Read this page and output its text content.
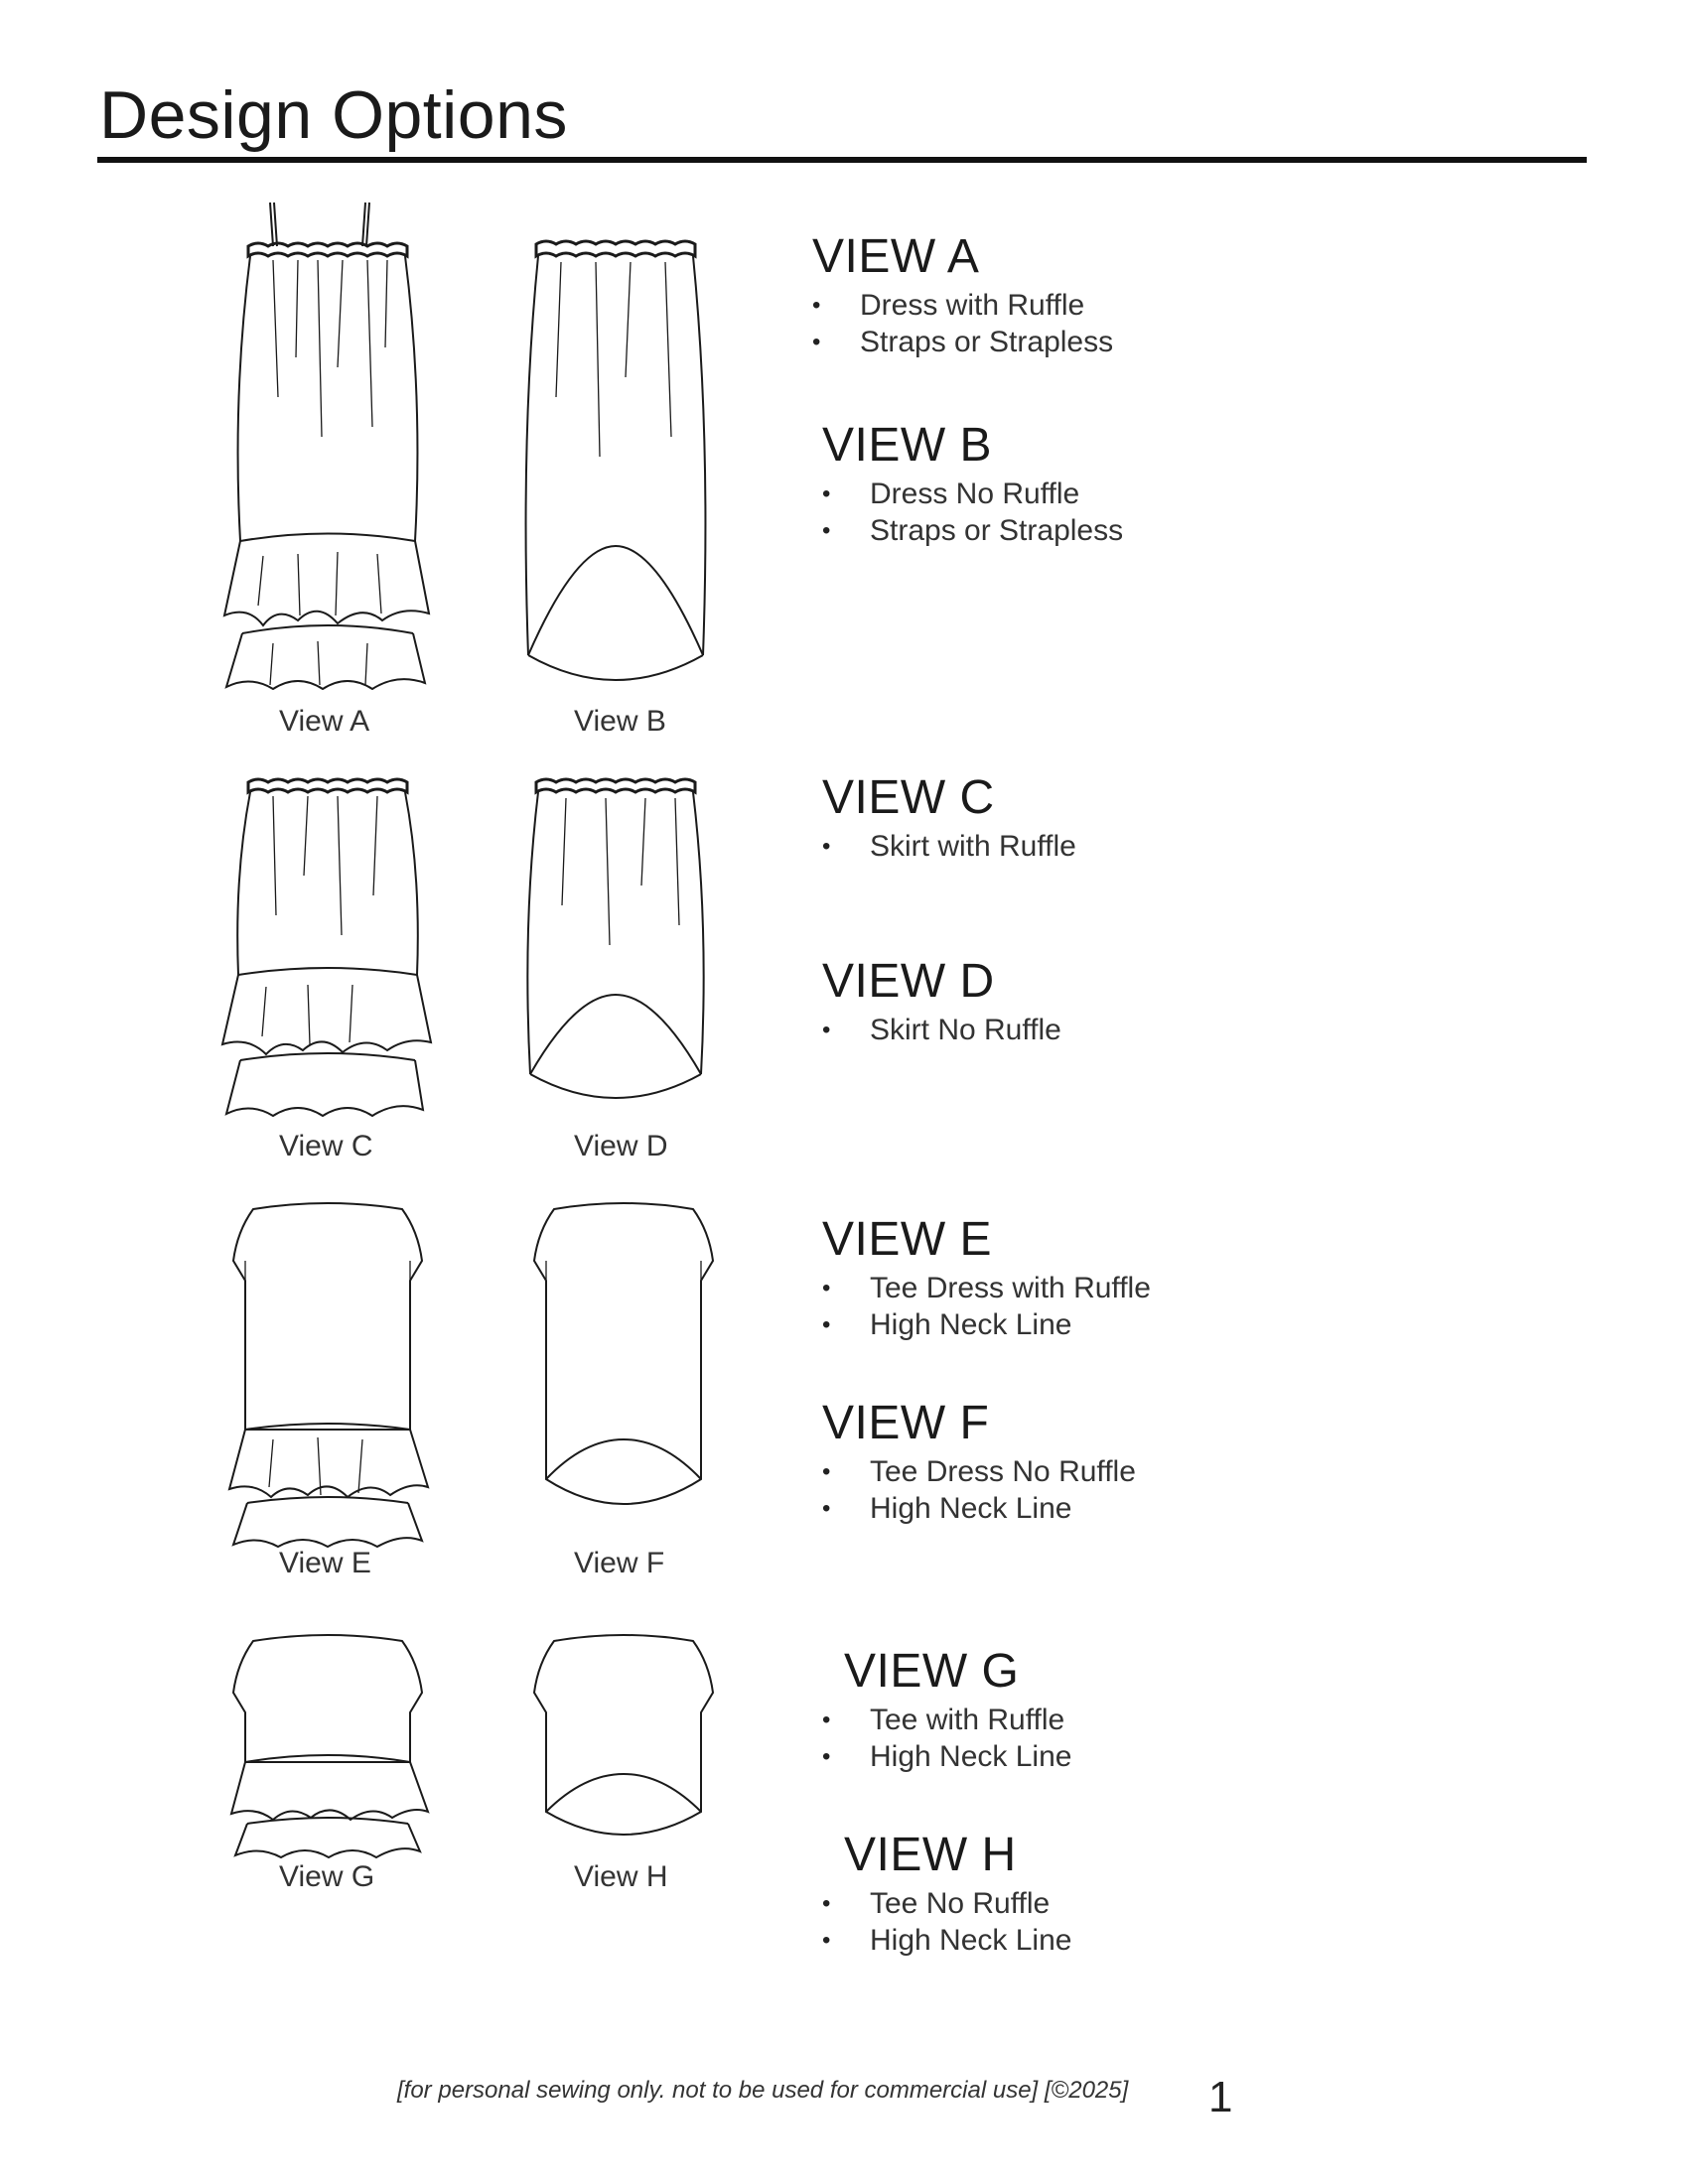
Design Options
View A	View B
View C	View D
View E	View F
View G	View H
VIEW A
• Dress with Ruffle
• Straps or Strapless
VIEW B
• Dress No Ruffle
• Straps or Strapless
VIEW C
• Skirt with Ruffle
VIEW D
• Skirt No Ruffle
VIEW E
• Tee Dress with Ruffle
• High Neck Line
VIEW F
• Tee Dress No Ruffle
• High Neck Line
VIEW G
• Tee with Ruffle
• High Neck Line
VIEW H
• Tee No Ruffle
• High Neck Line
[for personal sewing only. not to be used for commercial use] [©2025] 1
